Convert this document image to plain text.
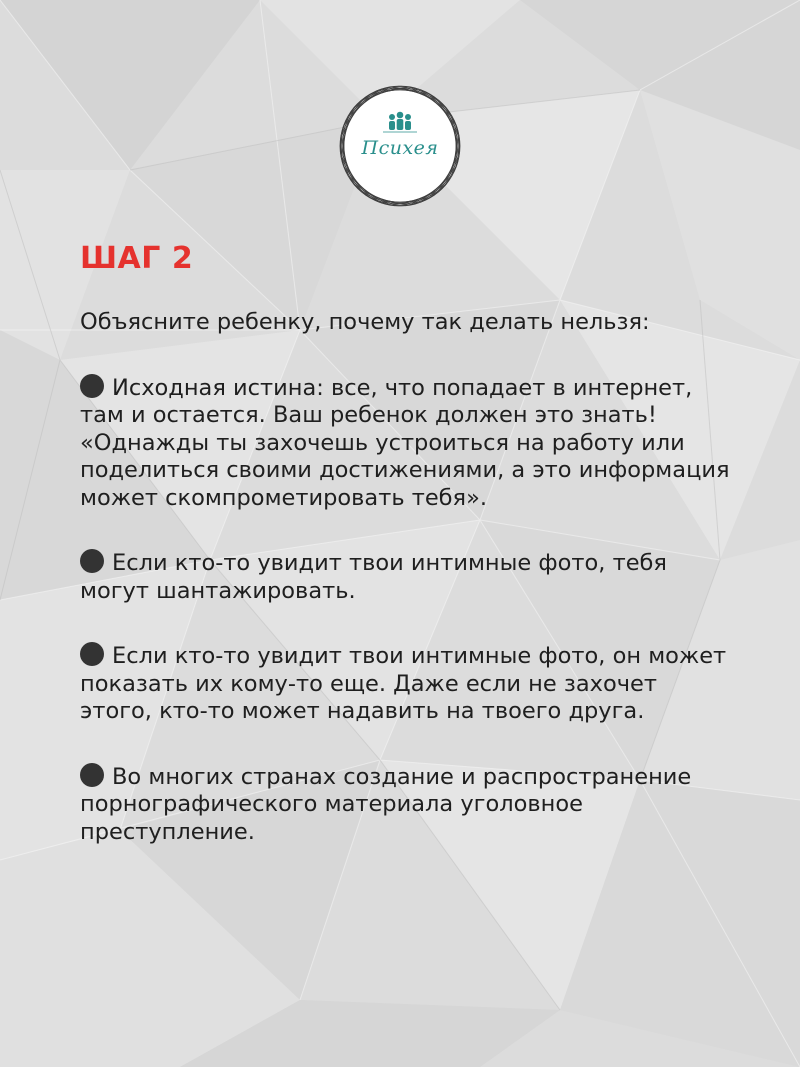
Психея
ШАГ 2

Объясните ребенку, почему так делать нельзя:

Исходная истина: все, что попадает в интернет, там и остается. Ваш ребенок должен это знать! «Однажды ты захочешь устроиться на работу или поделиться своими достижениями, а это информация может скомпрометировать тебя».

Если кто-то увидит твои интимные фото, тебя могут шантажировать.

Если кто-то увидит твои интимные фото, он может показать их кому-то еще. Даже если не захочет этого, кто-то может надавить на твоего друга.

Во многих странах создание и распространение порнографического материала уголовное преступление.
